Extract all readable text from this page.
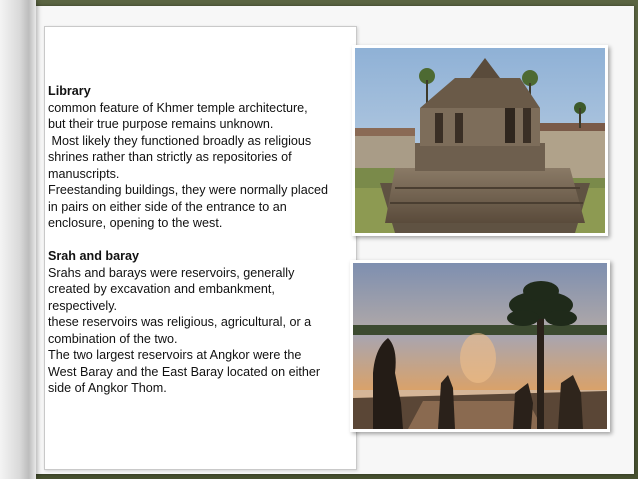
Library

common feature of Khmer temple architecture,

but their true purpose remains unknown.

Most likely they functioned broadly as religious

shrines rather than strictly as repositories of

manuscripts.

Freestanding buildings, they were normally placed

in pairs on either side of the entrance to an

enclosure, opening to the west.

Srah and baray

Srahs and barays were reservoirs, generally

created by excavation and embankment,

respectively.

these reservoirs was religious, agricultural, or a

combination of the two.

The two largest reservoirs at Angkor were the

West Baray and the East Baray located on either

side of Angkor Thom.
